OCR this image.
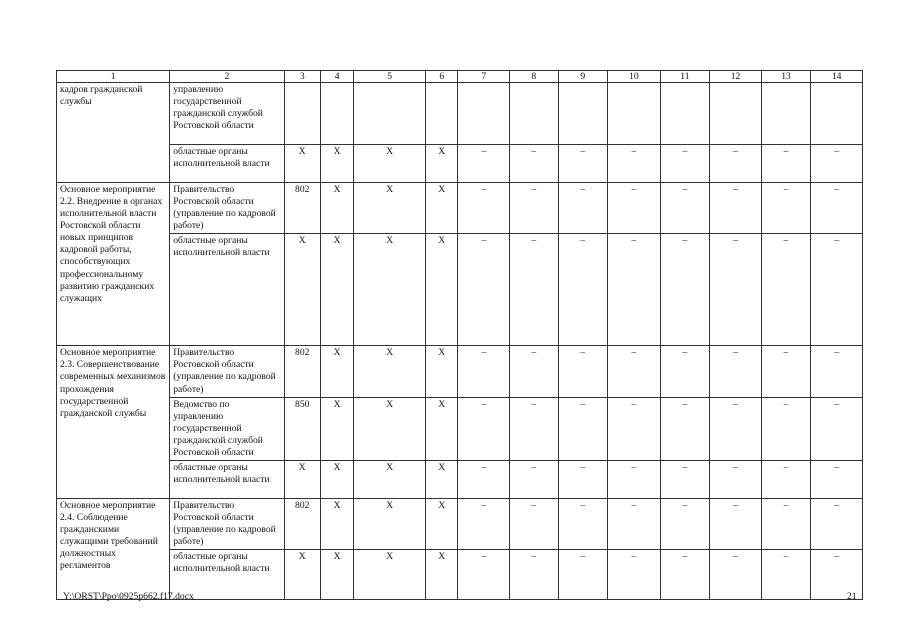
1	2	3	4	5	6	7	8	9	10	11	12	13	14
кадров гражданской службы	управлению государственной гражданской службой Ростовской области												
	областные органы исполнительной власти	X	X	X	X	–	–	–	–	–	–	–	–
Основное мероприятие 2.2. Внедрение в органах исполнительной власти Ростовской области новых принципов кадровой работы, способствующих профессиональному развитию гражданских служащих	Правительство Ростовской области (управление по кадровой работе)	802	X	X	X	–	–	–	–	–	–	–	–
	областные органы исполнительной власти	X	X	X	X	–	–	–	–	–	–	–	–
Основное мероприятие 2.3. Совершенствование современных механизмов прохождения государственной гражданской службы	Правительство Ростовской области (управление по кадровой работе)	802	X	X	X	–	–	–	–	–	–	–	–
	Ведомство по управлению государственной гражданской службой Ростовской области	850	X	X	X	–	–	–	–	–	–	–	–
	областные органы исполнительной власти	X	X	X	X	–	–	–	–	–	–	–	–
Основное мероприятие 2.4. Соблюдение гражданскими служащими требований должностных регламентов	Правительство Ростовской области (управление по кадровой работе)	802	X	X	X	–	–	–	–	–	–	–	–
	областные органы исполнительной власти	X	X	X	X	–	–	–	–	–	–	–	–
Y:\ORST\Ppo\0925p662.f17.docx	21
